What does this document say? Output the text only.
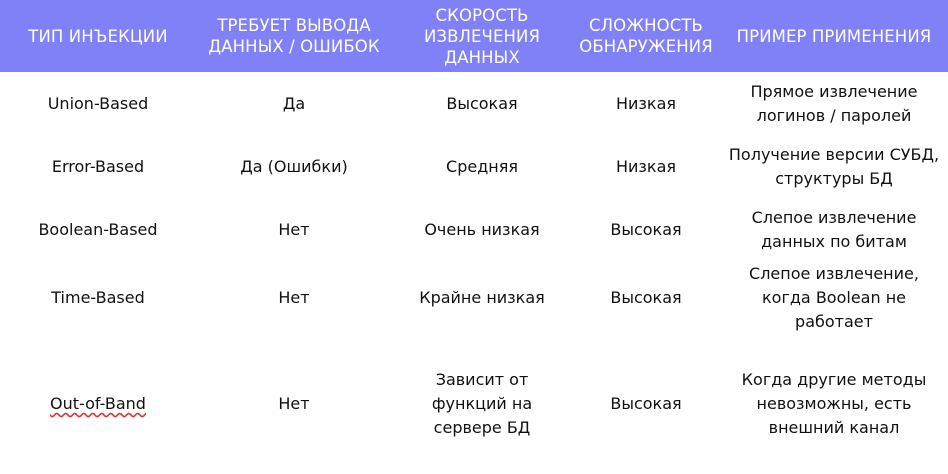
ТИП ИНЪЕКЦИИ	ТРЕБУЕТ ВЫВОДА ДАННЫХ / ОШИБОК	СКОРОСТЬ ИЗВЛЕЧЕНИЯ ДАННЫХ	СЛОЖНОСТЬ ОБНАРУЖЕНИЯ	ПРИМЕР ПРИМЕНЕНИЯ
Union-Based	Да	Высокая	Низкая	Прямое извлечение логинов / паролей
Error-Based	Да (Ошибки)	Средняя	Низкая	Получение версии СУБД, структуры БД
Boolean-Based	Нет	Очень низкая	Высокая	Слепое извлечение данных по битам
Time-Based	Нет	Крайне низкая	Высокая	Слепое извлечение, когда Boolean не работает
Out-of-Band	Нет	Зависит от функций на сервере БД	Высокая	Когда другие методы невозможны, есть внешний канал
